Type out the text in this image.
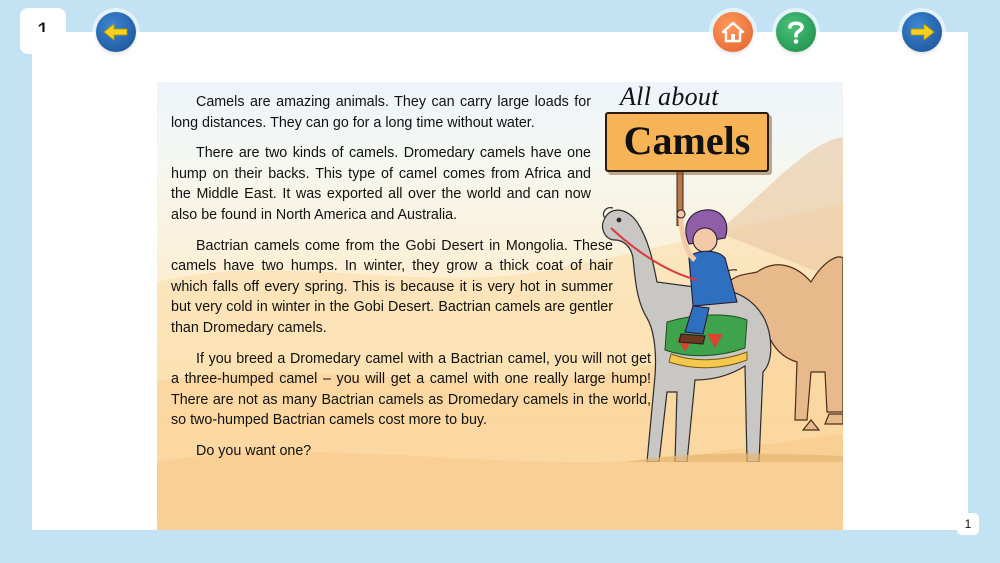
Camels are amazing animals. They can carry large loads for long distances. They can go for a long time without water.

There are two kinds of camels. Dromedary camels have one hump on their backs. This type of camel comes from Africa and the Middle East. It was exported all over the world and can now also be found in North America and Australia.

Bactrian camels come from the Gobi Desert in Mongolia. These camels have two humps. In winter, they grow a thick coat of hair which falls off every spring. This is because it is very hot in summer but very cold in winter in the Gobi Desert. Bactrian camels are gentler than Dromedary camels.

If you breed a Dromedary camel with a Bactrian camel, you will not get a three-humped camel – you will get a camel with one really large hump! There are not as many Bactrian camels as Dromedary camels in the world, so two-humped Bactrian camels cost more to buy.

Do you want one?

All about
Camels
1
